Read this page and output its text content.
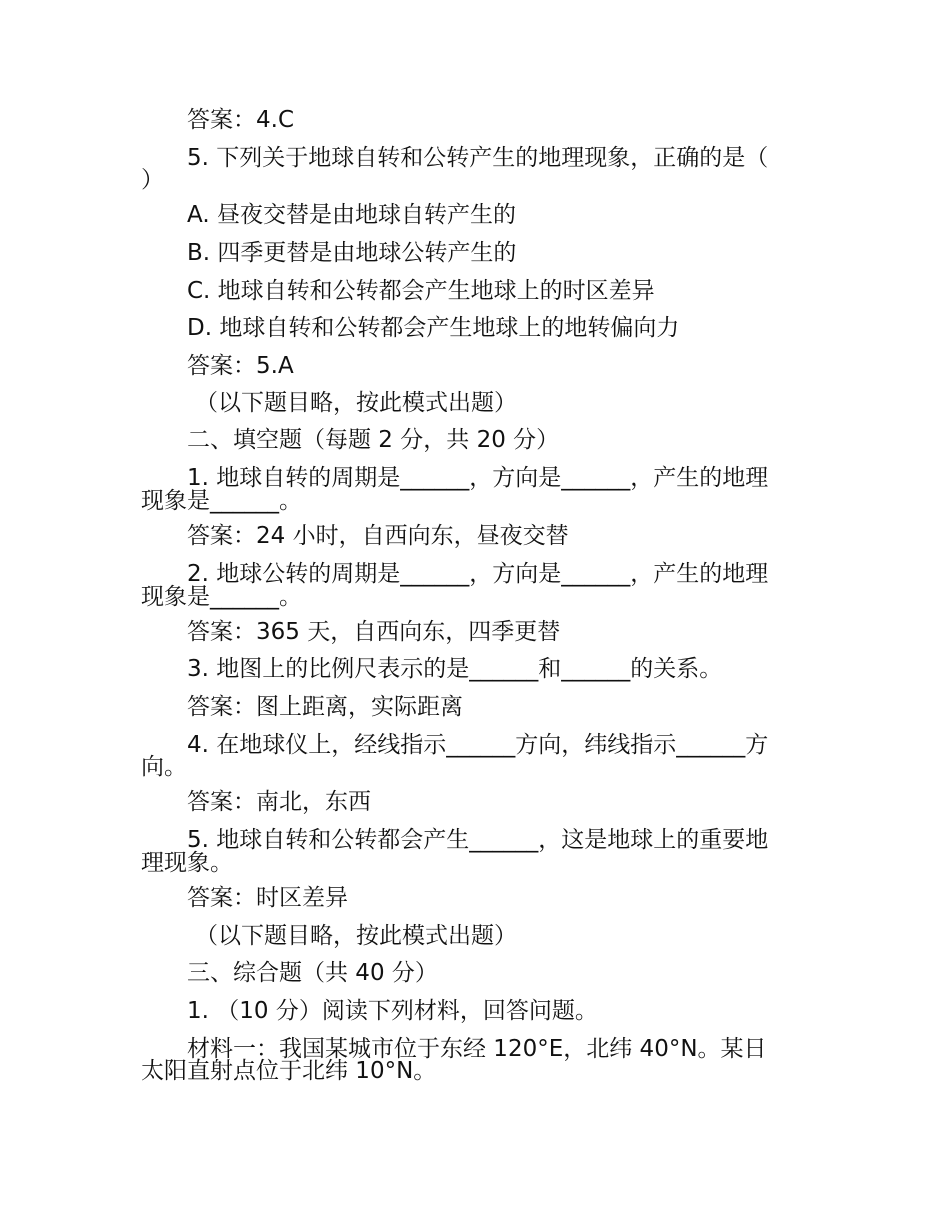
答案：4.C
5. 下列关于地球自转和公转产生的地理现象，正确的是（
）
A. 昼夜交替是由地球自转产生的
B. 四季更替是由地球公转产生的
C. 地球自转和公转都会产生地球上的时区差异
D. 地球自转和公转都会产生地球上的地转偏向力
答案：5.A
（以下题目略，按此模式出题）
二、填空题（每题 2 分，共 20 分）
1. 地球自转的周期是______，方向是______，产生的地理
现象是______。
答案：24 小时，自西向东，昼夜交替
2. 地球公转的周期是______，方向是______，产生的地理
现象是______。
答案：365 天，自西向东，四季更替
3. 地图上的比例尺表示的是______和______的关系。
答案：图上距离，实际距离
4. 在地球仪上，经线指示______方向，纬线指示______方
向。
答案：南北，东西
5. 地球自转和公转都会产生______，这是地球上的重要地
理现象。
答案：时区差异
（以下题目略，按此模式出题）
三、综合题（共 40 分）
1. （10 分）阅读下列材料，回答问题。
材料一：我国某城市位于东经 120°E，北纬 40°N。某日
太阳直射点位于北纬 10°N。
